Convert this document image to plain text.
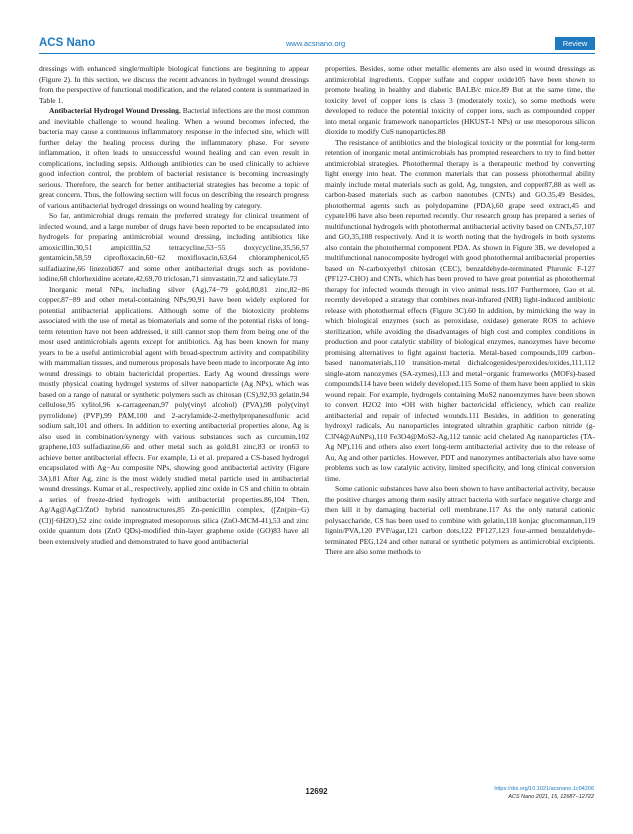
ACS Nano	www.acsnano.org	Review

dressings with enhanced single/multiple biological functions are beginning to appear (Figure 2). In this section, we discuss the recent advances in hydrogel wound dressings from the perspective of functional modification, and the related content is summarized in Table 1.

Antibacterial Hydrogel Wound Dressing. Bacterial infections are the most common and inevitable challenge to wound healing. When a wound becomes infected, the bacteria may cause a continuous inflammatory response in the infected site, which will further delay the healing process during the inflammatory phase. For severe inflammation, it often leads to unsuccessful wound healing and can even result in complications, including sepsis. Although antibiotics can be used clinically to achieve good infection control, the problem of bacterial resistance is becoming increasingly serious. Therefore, the search for better antibacterial strategies has become a topic of great concern. Thus, the following section will focus on describing the research progress of various antibacterial hydrogel dressings on wound healing by category.

So far, antimicrobial drugs remain the preferred strategy for clinical treatment of infected wound, and a large number of drugs have been reported to be encapsulated into hydrogels for preparing antimicrobial wound dressing, including antibiotics like amoxicillin,30,51 ampicillin,52 tetracycline,53−55 doxycycline,35,56,57 gentamicin,58,59 ciprofloxacin,60−62 moxifloxacin,63,64 chloramphenicol,65 sulfadiazine,66 linezolid67 and some other antibacterial drugs such as povidone-iodine,68 chlorhexidine acetate,42,69,70 triclosan,71 simvastatin,72 and salicylate.73

Inorganic metal NPs, including silver (Ag),74−79 gold,80,81 zinc,82−86 copper,87−89 and other metal-containing NPs,90,91 have been widely explored for potential antibacterial applications. Although some of the biotoxicity problems associated with the use of metal as biomaterials and some of the potential risks of long-term retention have not been addressed, it still cannot stop them from being one of the most used antimicrobials agents except for antibiotics. Ag has been known for many years to be a useful antimicrobial agent with broad-spectrum activity and compatibility with mammalian tissues, and numerous proposals have been made to incorporate Ag into wound dressings to obtain bactericidal properties. Early Ag wound dressings were mostly physical coating hydrogel systems of silver nanoparticle (Ag NPs), which was based on a range of natural or synthetic polymers such as chitosan (CS),92,93 gelatin,94 cellulose,95 xylitol,96 κ-carrageenan,97 poly(vinyl alcohol) (PVA),98 poly(vinyl pyrrolidone) (PVP),99 PAM,100 and 2-acrylamide-2-methylpropanesulfonic acid sodium salt,101 and others. In addition to exerting antibacterial properties alone, Ag is also used in combination/synergy with various substances such as curcumin,102 graphene,103 sulfadiazine,66 and other metal such as gold,81 zinc,83 or iron63 to achieve better antibacterial effects. For example, Li et al. prepared a CS-based hydrogel encapsulated with Ag−Au composite NPs, showing good antibacterial activity (Figure 3A).81 After Ag, zinc is the most widely studied metal particle used in antibacterial wound dressings. Kumar et al., respectively, applied zinc oxide in CS and chitin to obtain a series of freeze-dried hydrogels with antibacterial properties.86,104 Then, Ag/Ag@AgCl/ZnO hybrid nanostructures,85 Zn-penicillin complex, ([Zn(pin−G)(Cl)]·6H2O),52 zinc oxide impregnated mesoporous silica (ZnO-MCM-41),53 and zinc oxide quantum dots (ZnO QDs)-modified thin-layer graphene oxide (GO)83 have all been extensively studied and demonstrated to have good antibacterial

properties. Besides, some other metallic elements are also used in wound dressings as antimicrobial ingredients. Copper sulfate and copper oxide105 have been shown to promote healing in healthy and diabetic BALB/c mice.89 But at the same time, the toxicity level of copper ions is class 3 (moderately toxic), so some methods were developed to reduce the potential toxicity of copper ions, such as compounded copper into metal organic framework nanoparticles (HKUST-1 NPs) or use mesoporous silicon dioxide to modify CuS nanoparticles.88

The resistance of antibiotics and the biological toxicity or the potential for long-term retention of inorganic metal antimicrobials has prompted researchers to try to find better antimicrobial strategies. Photothermal therapy is a therapeutic method by converting light energy into heat. The common materials that can possess photothermal ability mainly include metal materials such as gold, Ag, tungsten, and copper87,88 as well as carbon-based materials such as carbon nanotubes (CNTs) and GO.35,49 Besides, photothermal agents such as polydopamine (PDA),60 grape seed extract,45 and cypate106 have also been reported recently. Our research group has prepared a series of multifunctional hydrogels with photothermal antibacterial activity based on CNTs,57,107 and GO,35,108 respectively. And it is worth noting that the hydrogels in both systems also contain the photothermal component PDA. As shown in Figure 3B, we developed a multifunctional nanocomposite hydrogel with good photothermal antibacterial properties based on N-carboxyethyl chitosan (CEC), benzaldehyde-terminated Pluronic F-127 (PF127-CHO) and CNTs, which has been proved to have great potential as photothermal therapy for infected wounds through in vivo animal tests.107 Furthermore, Gao et al. recently developed a strategy that combines near-infrared (NIR) light-induced antibiotic release with photothermal effects (Figure 3C).60 In addition, by mimicking the way in which biological enzymes (such as peroxidase, oxidase) generate ROS to achieve sterilization, while avoiding the disadvantages of high cost and complex conditions in production and poor catalytic stability of biological enzymes, nanozymes have become promising alternatives to fight against bacteria. Metal-based compounds,109 carbon-based nanomaterials,110 transition-metal dichalcogenides/peroxides/oxides,111,112 single-atom nanozymes (SA-zymes),113 and metal−organic frameworks (MOFs)-based compounds114 have been widely developed.115 Some of them have been applied to skin wound repair. For example, hydrogels containing MoS2 nanoenzymes have been shown to convert H2O2 into •OH with higher bactericidal efficiency, which can realize antibacterial and repair of infected wounds.111 Besides, in addition to generating hydroxyl radicals, Au nanoparticles integrated ultrathin graphitic carbon nitride (g-C3N4@AuNPs),110 Fe3O4@MoS2-Ag,112 tannic acid chelated Ag nanoparticles (TA-Ag NP),116 and others also exert long-term antibacterial activity due to the release of Au, Ag and other particles. However, PDT and nanozymes antibacterials also have some problems such as low catalytic activity, limited specificity, and long clinical conversion time.

Some cationic substances have also been shown to have antibacterial activity, because the positive charges among them easily attract bacteria with surface negative charge and then kill it by damaging bacterial cell membrane.117 As the only natural cationic polysaccharide, CS has been used to combine with gelatin,118 konjac glucomannan,119 lignin/PVA,120 PVP/agar,121 carbon dots,122 PF127,123 four-armed benzaldehyde-terminated PEG,124 and other natural or synthetic polymers as antimicrobial excipients. There are also some methods to

12692	https://doi.org/10.1021/acsnano.1c04206
ACS Nano 2021, 15, 12687−12722
